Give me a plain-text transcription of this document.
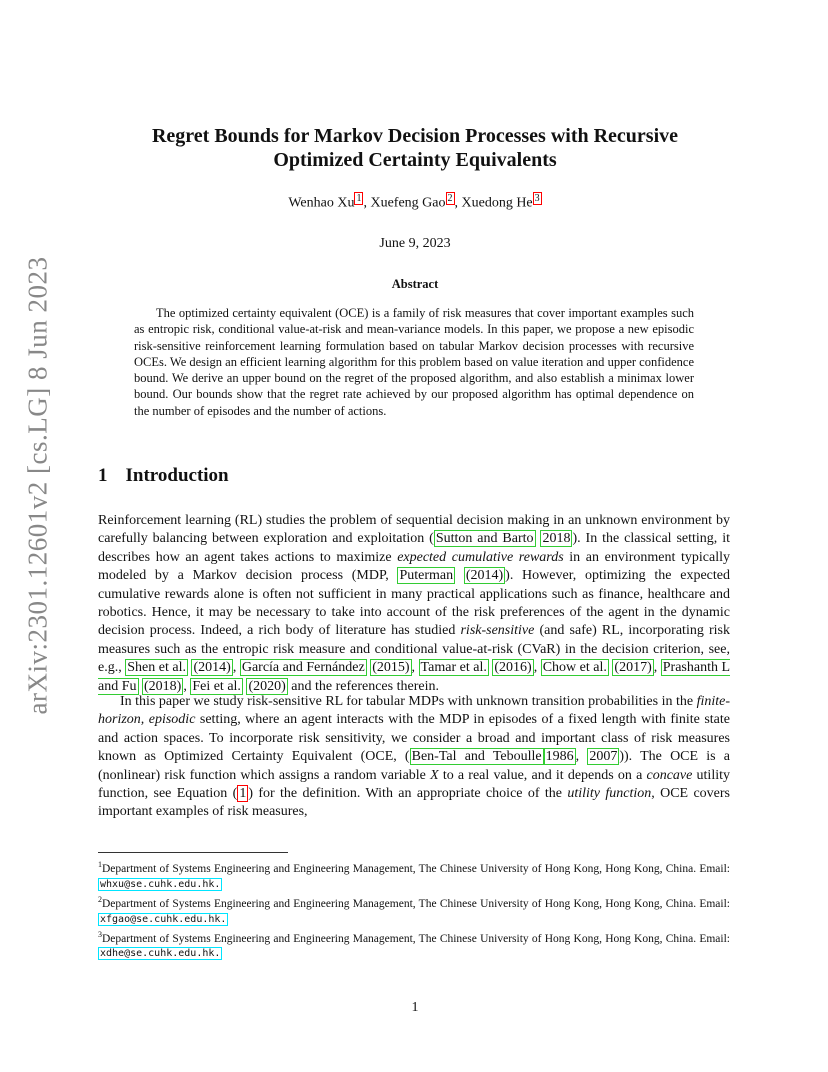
arXiv:2301.12601v2 [cs.LG] 8 Jun 2023
Regret Bounds for Markov Decision Processes with Recursive
Optimized Certainty Equivalents
Wenhao Xu $^1$ , Xuefeng Gao $^2$ , Xuedong He $^3$
June 9, 2023
Abstract
The optimized certainty equivalent (OCE) is a family of risk measures that cover important examples such as entropic risk, conditional value-at-risk and mean-variance models. In this paper, we propose a new episodic risk-sensitive reinforcement learning formulation based on tabular Markov decision processes with recursive OCEs. We design an efficient learning algorithm for this problem based on value iteration and upper confidence bound. We derive an upper bound on the regret of the proposed algorithm, and also establish a minimax lower bound. Our bounds show that the regret rate achieved by our proposed algorithm has optimal dependence on the number of episodes and the number of actions.
1 Introduction
Reinforcement learning (RL) studies the problem of sequential decision making in an unknown environment by carefully balancing between exploration and exploitation ( Sutton and Barto 2018 ). In the classical setting, it describes how an agent takes actions to maximize expected cumulative rewards in an environment typically modeled by a Markov decision process (MDP, Puterman (2014) ). However, optimizing the expected cumulative rewards alone is often not sufficient in many practical applications such as finance, healthcare and robotics. Hence, it may be necessary to take into account of the risk preferences of the agent in the dynamic decision process. Indeed, a rich body of literature has studied risk-sensitive (and safe) RL, incorporating risk measures such as the entropic risk measure and conditional value-at-risk (CVaR) in the decision criterion, see, e.g., Shen et al. (2014) , García and Fernández (2015) , Tamar et al. (2016) , Chow et al. (2017) , Prashanth L and Fu (2018) , Fei et al. (2020) and the references therein.
In this paper we study risk-sensitive RL for tabular MDPs with unknown transition probabilities in the finite-horizon, episodic setting, where an agent interacts with the MDP in episodes of a fixed length with finite state and action spaces. To incorporate risk sensitivity, we consider a broad and important class of risk measures known as Optimized Certainty Equivalent (OCE, ( Ben-Tal and Teboulle 1986 , 2007 )). The OCE is a (nonlinear) risk function which assigns a random variable X to a real value, and it depends on a concave utility function, see Equation ( 1 ) for the definition. With an appropriate choice of the utility function, OCE covers important examples of risk measures,
$^1$Department of Systems Engineering and Engineering Management, The Chinese University of Hong Kong, Hong Kong, China. Email: whxu@se.cuhk.edu.hk.
$^2$Department of Systems Engineering and Engineering Management, The Chinese University of Hong Kong, Hong Kong, China. Email: xfgao@se.cuhk.edu.hk.
$^3$Department of Systems Engineering and Engineering Management, The Chinese University of Hong Kong, Hong Kong, China. Email: xdhe@se.cuhk.edu.hk.
1
